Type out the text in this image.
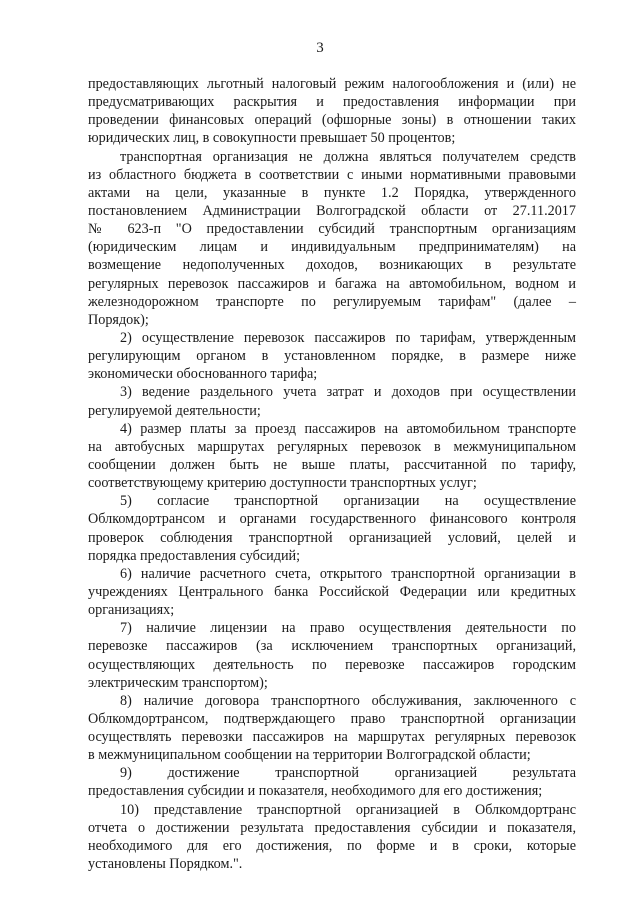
3
предоставляющих льготный налоговый режим налогообложения и (или) не
предусматривающих раскрытия и предоставления информации при
проведении финансовых операций (офшорные зоны) в отношении таких
юридических лиц, в совокупности превышает 50 процентов;
транспортная организация не должна являться получателем средств
из областного бюджета в соответствии с иными нормативными правовыми
актами на цели, указанные в пункте 1.2 Порядка, утвержденного
постановлением Администрации Волгоградской области от 27.11.2017
№ 623-п "О предоставлении субсидий транспортным организациям
(юридическим лицам и индивидуальным предпринимателям) на
возмещение недополученных доходов, возникающих в результате
регулярных перевозок пассажиров и багажа на автомобильном, водном и
железнодорожном транспорте по регулируемым тарифам" (далее –
Порядок);
2) осуществление перевозок пассажиров по тарифам, утвержденным
регулирующим органом в установленном порядке, в размере ниже
экономически обоснованного тарифа;
3) ведение раздельного учета затрат и доходов при осуществлении
регулируемой деятельности;
4) размер платы за проезд пассажиров на автомобильном транспорте
на автобусных маршрутах регулярных перевозок в межмуниципальном
сообщении должен быть не выше платы, рассчитанной по тарифу,
соответствующему критерию доступности транспортных услуг;
5) согласие транспортной организации на осуществление
Облкомдортрансом и органами государственного финансового контроля
проверок соблюдения транспортной организацией условий, целей и
порядка предоставления субсидий;
6) наличие расчетного счета, открытого транспортной организации в
учреждениях Центрального банка Российской Федерации или кредитных
организациях;
7) наличие лицензии на право осуществления деятельности по
перевозке пассажиров (за исключением транспортных организаций,
осуществляющих деятельность по перевозке пассажиров городским
электрическим транспортом);
8) наличие договора транспортного обслуживания, заключенного с
Облкомдортрансом, подтверждающего право транспортной организации
осуществлять перевозки пассажиров на маршрутах регулярных перевозок
в межмуниципальном сообщении на территории Волгоградской области;
9) достижение транспортной организацией результата
предоставления субсидии и показателя, необходимого для его достижения;
10) представление транспортной организацией в Облкомдортранс
отчета о достижении результата предоставления субсидии и показателя,
необходимого для его достижения, по форме и в сроки, которые
установлены Порядком.".
